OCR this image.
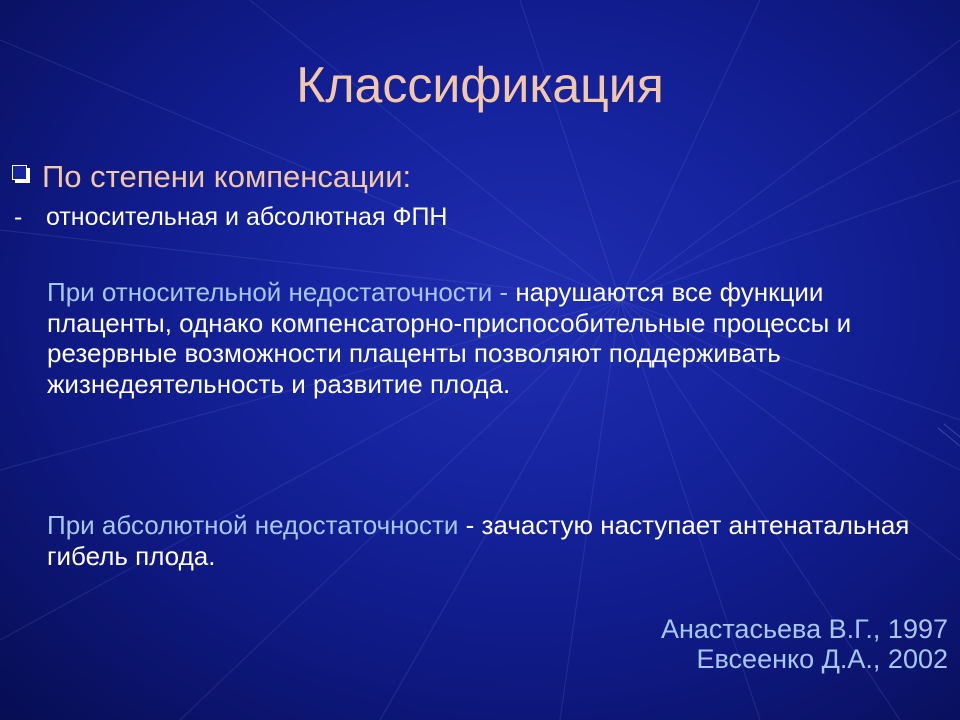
Классификация
По степени компенсации:
- относительная и абсолютная ФПН
При относительной недостаточности - нарушаются все функции плаценты, однако компенсаторно-приспособительные процессы и резервные возможности плаценты позволяют поддерживать жизнедеятельность и развитие плода.
При абсолютной недостаточности - зачастую наступает антенатальная гибель плода.
Анастасьева В.Г., 1997
Евсеенко Д.А., 2002
